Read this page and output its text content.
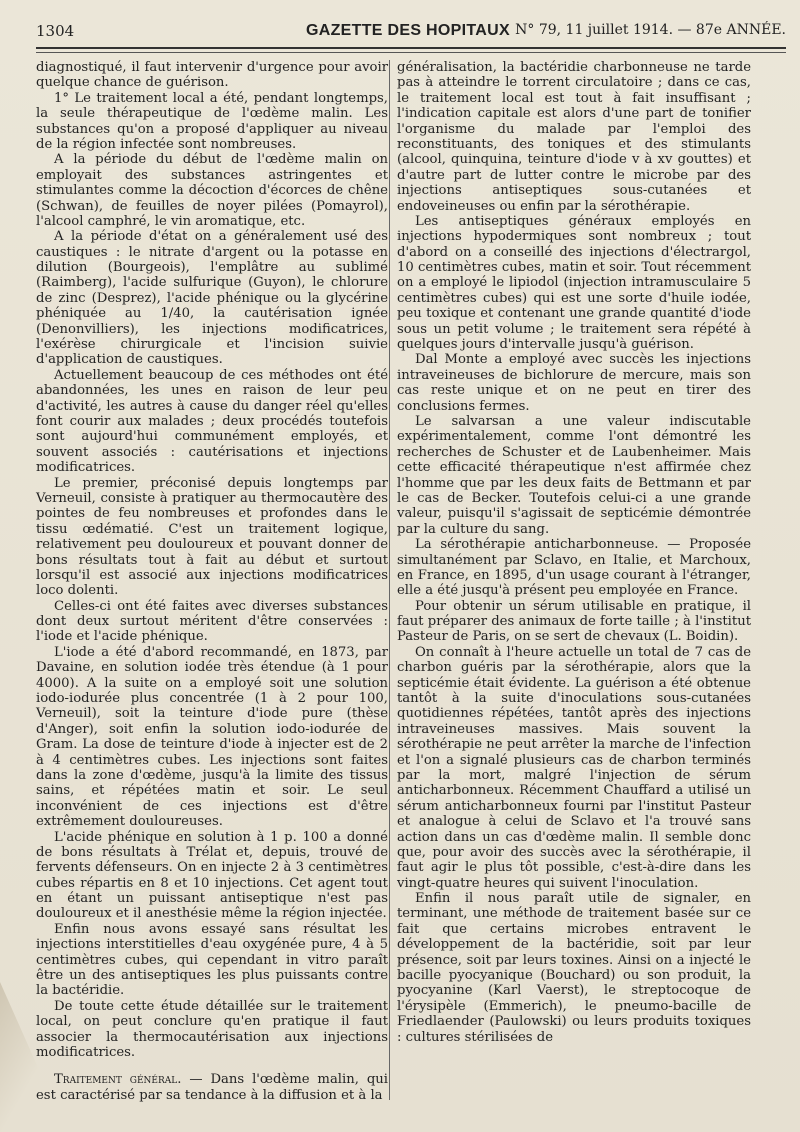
1304	GAZETTE DES HOPITAUX N° 79, 11 juillet 1914. — 87e ANNÉE.

diagnostiqué, il faut intervenir d'urgence pour avoir quelque chance de guérison.

1° Le traitement local a été, pendant longtemps, la seule thérapeutique de l'œdème malin. Les substances qu'on a proposé d'appliquer au niveau de la région infectée sont nombreuses.

A la période du début de l'œdème malin on employait des substances astringentes et stimulantes comme la décoction d'écorces de chêne (Schwan), de feuilles de noyer pilées (Pomayrol), l'alcool camphré, le vin aromatique, etc.

A la période d'état on a généralement usé des caustiques : le nitrate d'argent ou la potasse en dilution (Bourgeois), l'emplâtre au sublimé (Raimberg), l'acide sulfurique (Guyon), le chlorure de zinc (Desprez), l'acide phénique ou la glycérine phéniquée au 1/40, la cautérisation ignée (Denonvilliers), les injections modificatrices, l'exérèse chirurgicale et l'incision suivie d'application de caustiques.

Actuellement beaucoup de ces méthodes ont été abandonnées, les unes en raison de leur peu d'activité, les autres à cause du danger réel qu'elles font courir aux malades ; deux procédés toutefois sont aujourd'hui communément employés, et souvent associés : cautérisations et injections modificatrices.

Le premier, préconisé depuis longtemps par Verneuil, consiste à pratiquer au thermocautère des pointes de feu nombreuses et profondes dans le tissu œdématié. C'est un traitement logique, relativement peu douloureux et pouvant donner de bons résultats tout à fait au début et surtout lorsqu'il est associé aux injections modificatrices loco dolenti.

Celles-ci ont été faites avec diverses substances dont deux surtout méritent d'être conservées : l'iode et l'acide phénique.

L'iode a été d'abord recommandé, en 1873, par Davaine, en solution iodée très étendue (à 1 pour 4000). A la suite on a employé soit une solution iodo-iodurée plus concentrée (1 à 2 pour 100, Verneuil), soit la teinture d'iode pure (thèse d'Anger), soit enfin la solution iodo-iodurée de Gram. La dose de teinture d'iode à injecter est de 2 à 4 centimètres cubes. Les injections sont faites dans la zone d'œdème, jusqu'à la limite des tissus sains, et répétées matin et soir. Le seul inconvénient de ces injections est d'être extrêmement douloureuses.

L'acide phénique en solution à 1 p. 100 a donné de bons résultats à Trélat et, depuis, trouvé de fervents défenseurs. On en injecte 2 à 3 centimètres cubes répartis en 8 et 10 injections. Cet agent tout en étant un puissant antiseptique n'est pas douloureux et il anesthésie même la région injectée.

Enfin nous avons essayé sans résultat les injections interstitielles d'eau oxygénée pure, 4 à 5 centimètres cubes, qui cependant in vitro paraît être un des antiseptiques les plus puissants contre la bactéridie.

De toute cette étude détaillée sur le traitement local, on peut conclure qu'en pratique il faut associer la thermocautérisation aux injections modificatrices.

Traitement général. — Dans l'œdème malin, qui est caractérisé par sa tendance à la diffusion et à la

généralisation, la bactéridie charbonneuse ne tarde pas à atteindre le torrent circulatoire ; dans ce cas, le traitement local est tout à fait insuffisant ; l'indication capitale est alors d'une part de tonifier l'organisme du malade par l'emploi des reconstituants, des toniques et des stimulants (alcool, quinquina, teinture d'iode v à xv gouttes) et d'autre part de lutter contre le microbe par des injections antiseptiques sous-cutanées et endoveineuses ou enfin par la sérothérapie.

Les antiseptiques généraux employés en injections hypodermiques sont nombreux ; tout d'abord on a conseillé des injections d'électrargol, 10 centimètres cubes, matin et soir. Tout récemment on a employé le lipiodol (injection intramusculaire 5 centimètres cubes) qui est une sorte d'huile iodée, peu toxique et contenant une grande quantité d'iode sous un petit volume ; le traitement sera répété à quelques jours d'intervalle jusqu'à guérison.

Dal Monte a employé avec succès les injections intraveineuses de bichlorure de mercure, mais son cas reste unique et on ne peut en tirer des conclusions fermes.

Le salvarsan a une valeur indiscutable expérimentalement, comme l'ont démontré les recherches de Schuster et de Laubenheimer. Mais cette efficacité thérapeutique n'est affirmée chez l'homme que par les deux faits de Bettmann et par le cas de Becker. Toutefois celui-ci a une grande valeur, puisqu'il s'agissait de septicémie démontrée par la culture du sang.

La sérothérapie anticharbonneuse. — Proposée simultanément par Sclavo, en Italie, et Marchoux, en France, en 1895, d'un usage courant à l'étranger, elle a été jusqu'à présent peu employée en France.

Pour obtenir un sérum utilisable en pratique, il faut préparer des animaux de forte taille ; à l'institut Pasteur de Paris, on se sert de chevaux (L. Boidin).

On connaît à l'heure actuelle un total de 7 cas de charbon guéris par la sérothérapie, alors que la septicémie était évidente. La guérison a été obtenue tantôt à la suite d'inoculations sous-cutanées quotidiennes répétées, tantôt après des injections intraveineuses massives. Mais souvent la sérothérapie ne peut arrêter la marche de l'infection et l'on a signalé plusieurs cas de charbon terminés par la mort, malgré l'injection de sérum anticharbonneux. Récemment Chauffard a utilisé un sérum anticharbonneux fourni par l'institut Pasteur et analogue à celui de Sclavo et l'a trouvé sans action dans un cas d'œdème malin. Il semble donc que, pour avoir des succès avec la sérothérapie, il faut agir le plus tôt possible, c'est-à-dire dans les vingt-quatre heures qui suivent l'inoculation.

Enfin il nous paraît utile de signaler, en terminant, une méthode de traitement basée sur ce fait que certains microbes entravent le développement de la bactéridie, soit par leur présence, soit par leurs toxines. Ainsi on a injecté le bacille pyocyanique (Bouchard) ou son produit, la pyocyanine (Karl Vaerst), le streptocoque de l'érysipèle (Emmerich), le pneumo-bacille de Friedlaender (Paulowski) ou leurs produits toxiques : cultures stérilisées de
